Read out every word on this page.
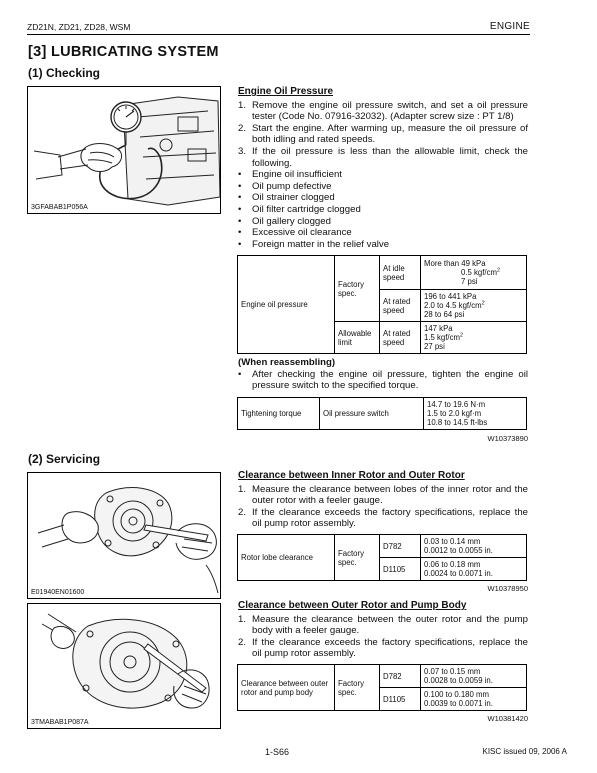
ZD21N, ZD21, ZD28, WSM	ENGINE
[3] LUBRICATING SYSTEM
(1) Checking
3GFABAB1P056A
Engine Oil Pressure
1. Remove the engine oil pressure switch, and set a oil pressure tester (Code No. 07916-32032). (Adapter screw size : PT 1/8)
2. Start the engine. After warming up, measure the oil pressure of both idling and rated speeds.
3. If the oil pressure is less than the allowable limit, check the following.
•	Engine oil insufficient
•	Oil pump defective
•	Oil strainer clogged
•	Oil filter cartridge clogged
•	Oil gallery clogged
•	Excessive oil clearance
•	Foreign matter in the relief valve
Engine oil pressure	Factory spec.	At idle speed	More than 49 kPa
0.5 kgf/$cm^2$
7 psi

		At rated speed	196 to 441 kPa
2.0 to 4.5 kgf/$cm^2$
28 to 64 psi

	Allowable limit	At rated speed	147 kPa
1.5 kgf/$cm^2$
27 psi
(When reassembling)
•	After checking the engine oil pressure, tighten the engine oil pressure switch to the specified torque.
Tightening torque	Oil pressure switch	
14.7 to 19.6 N·m
1.5 to 2.0 kgf·m
10.8 to 14.5 ft-lbs
W10373890
(2) Servicing
E01940EN01600
Clearance between Inner Rotor and Outer Rotor
1. Measure the clearance between lobes of the inner rotor and the outer rotor with a feeler gauge.
2. If the clearance exceeds the factory specifications, replace the oil pump rotor assembly.
Rotor lobe clearance	Factory spec.	D782	0.03 to 0.14 mm
0.0012 to 0.0055 in.

		D1105	0.06 to 0.18 mm
0.0024 to 0.0071 in.
W10378950
3TMABAB1P087A
Clearance between Outer Rotor and Pump Body
1. Measure the clearance between the outer rotor and the pump body with a feeler gauge.
2. If the clearance exceeds the factory specifications, replace the oil pump rotor assembly.
Clearance between outer rotor and pump body	Factory spec.	D782	0.07 to 0.15 mm
0.0028 to 0.0059 in.

		D1105	0.100 to 0.180 mm
0.0039 to 0.0071 in.
W10381420
1-S66	KISC issued 09, 2006 A
